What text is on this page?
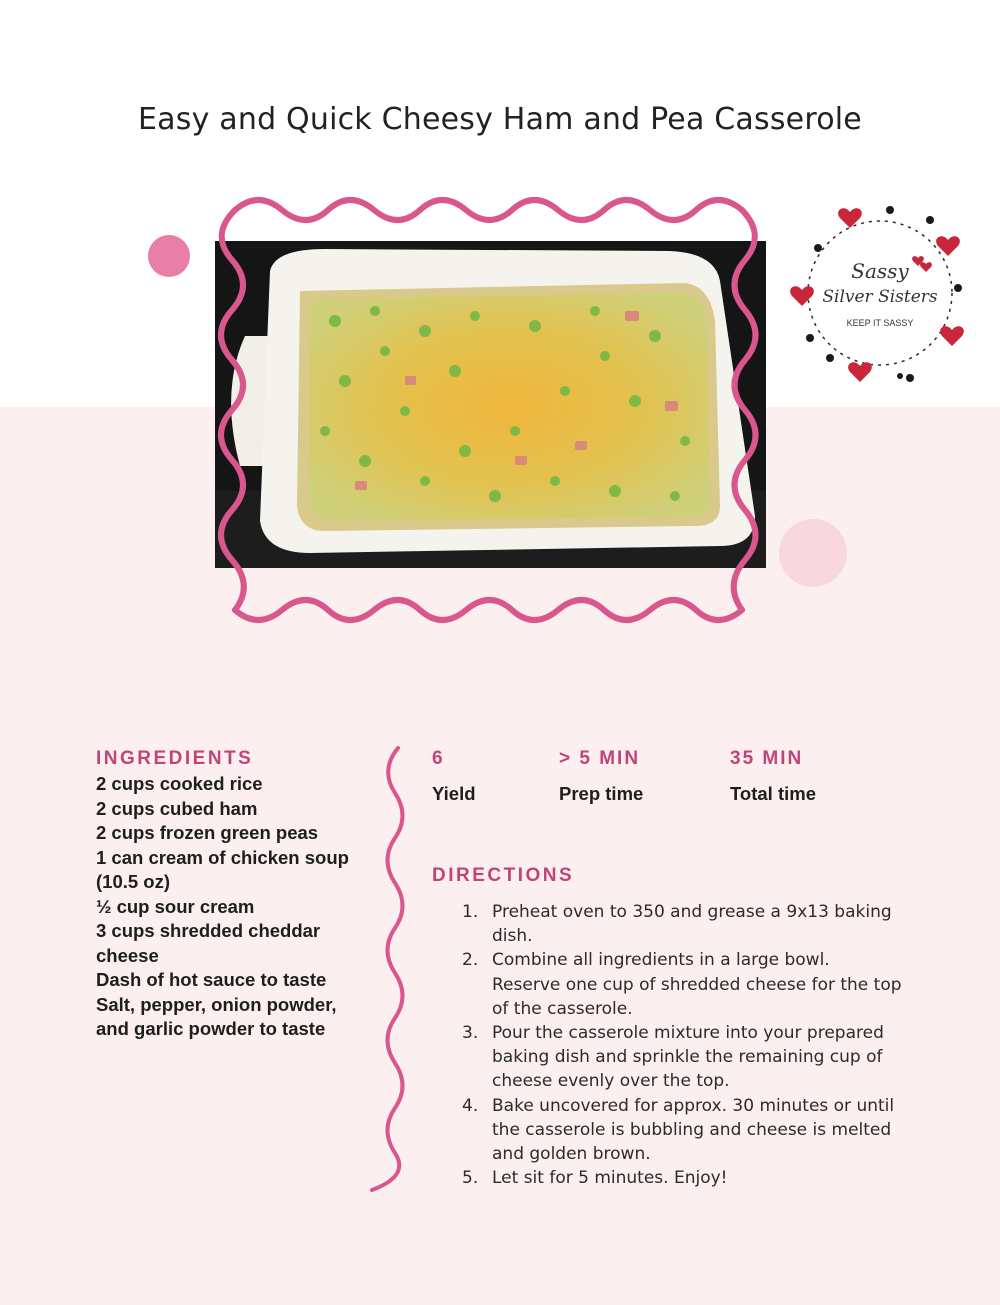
Easy and Quick Cheesy Ham and Pea Casserole
Sassy
Silver Sisters
KEEP IT SASSY
INGREDIENTS
2 cups cooked rice
2 cups cubed ham
2 cups frozen green peas
1 can cream of chicken soup (10.5 oz)
½ cup sour cream
3 cups shredded cheddar cheese
Dash of hot sauce to taste
Salt, pepper, onion powder, and garlic powder to taste
6
Yield
> 5 MIN
Prep time
35 MIN
Total time
DIRECTIONS
1. Preheat oven to 350 and grease a 9x13 baking dish.
2. Combine all ingredients in a large bowl. Reserve one cup of shredded cheese for the top of the casserole.
3. Pour the casserole mixture into your prepared baking dish and sprinkle the remaining cup of cheese evenly over the top.
4. Bake uncovered for approx. 30 minutes or until the casserole is bubbling and cheese is melted and golden brown.
5. Let sit for 5 minutes. Enjoy!
